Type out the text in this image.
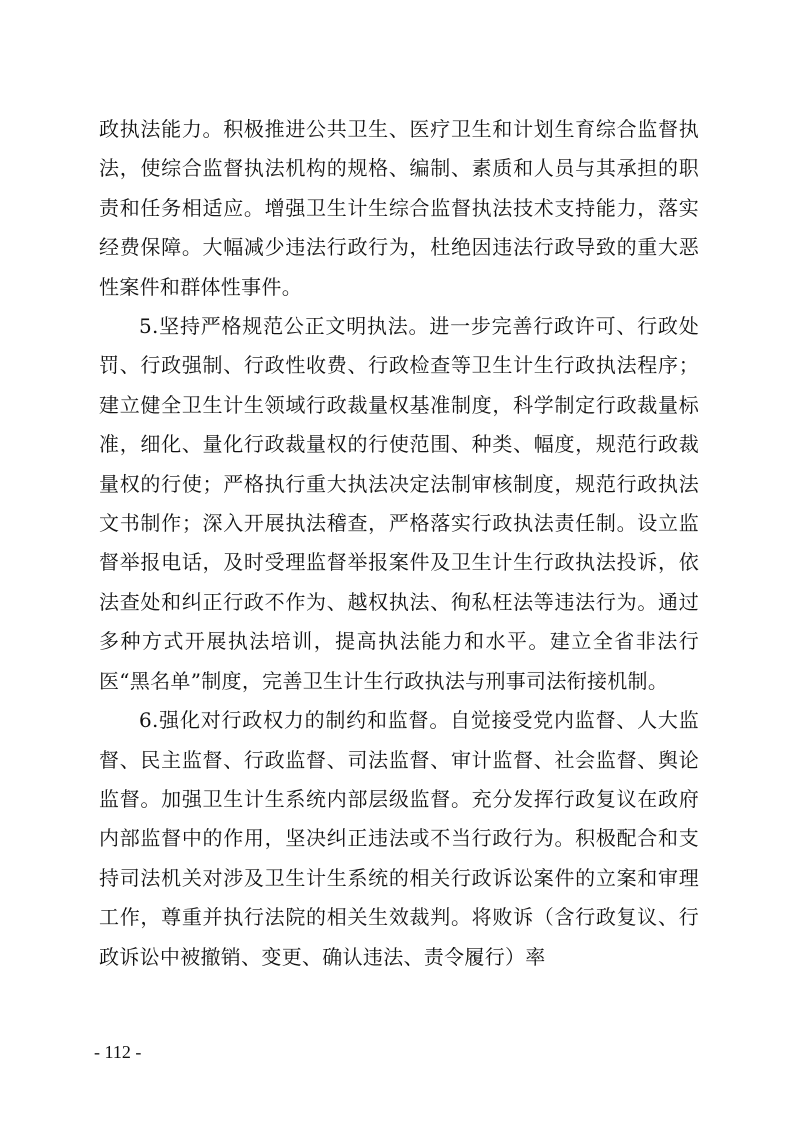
政执法能力。积极推进公共卫生、医疗卫生和计划生育综合监督执法，使综合监督执法机构的规格、编制、素质和人员与其承担的职责和任务相适应。增强卫生计生综合监督执法技术支持能力，落实经费保障。大幅减少违法行政行为，杜绝因违法行政导致的重大恶性案件和群体性事件。

5.坚持严格规范公正文明执法。进一步完善行政许可、行政处罚、行政强制、行政性收费、行政检查等卫生计生行政执法程序；建立健全卫生计生领域行政裁量权基准制度，科学制定行政裁量标准，细化、量化行政裁量权的行使范围、种类、幅度，规范行政裁量权的行使；严格执行重大执法决定法制审核制度，规范行政执法文书制作；深入开展执法稽查，严格落实行政执法责任制。设立监督举报电话，及时受理监督举报案件及卫生计生行政执法投诉，依法查处和纠正行政不作为、越权执法、徇私枉法等违法行为。通过多种方式开展执法培训，提高执法能力和水平。建立全省非法行医“黑名单”制度，完善卫生计生行政执法与刑事司法衔接机制。

6.强化对行政权力的制约和监督。自觉接受党内监督、人大监督、民主监督、行政监督、司法监督、审计监督、社会监督、舆论监督。加强卫生计生系统内部层级监督。充分发挥行政复议在政府内部监督中的作用，坚决纠正违法或不当行政行为。积极配合和支持司法机关对涉及卫生计生系统的相关行政诉讼案件的立案和审理工作，尊重并执行法院的相关生效裁判。将败诉（含行政复议、行政诉讼中被撤销、变更、确认违法、责令履行）率

- 112 -
